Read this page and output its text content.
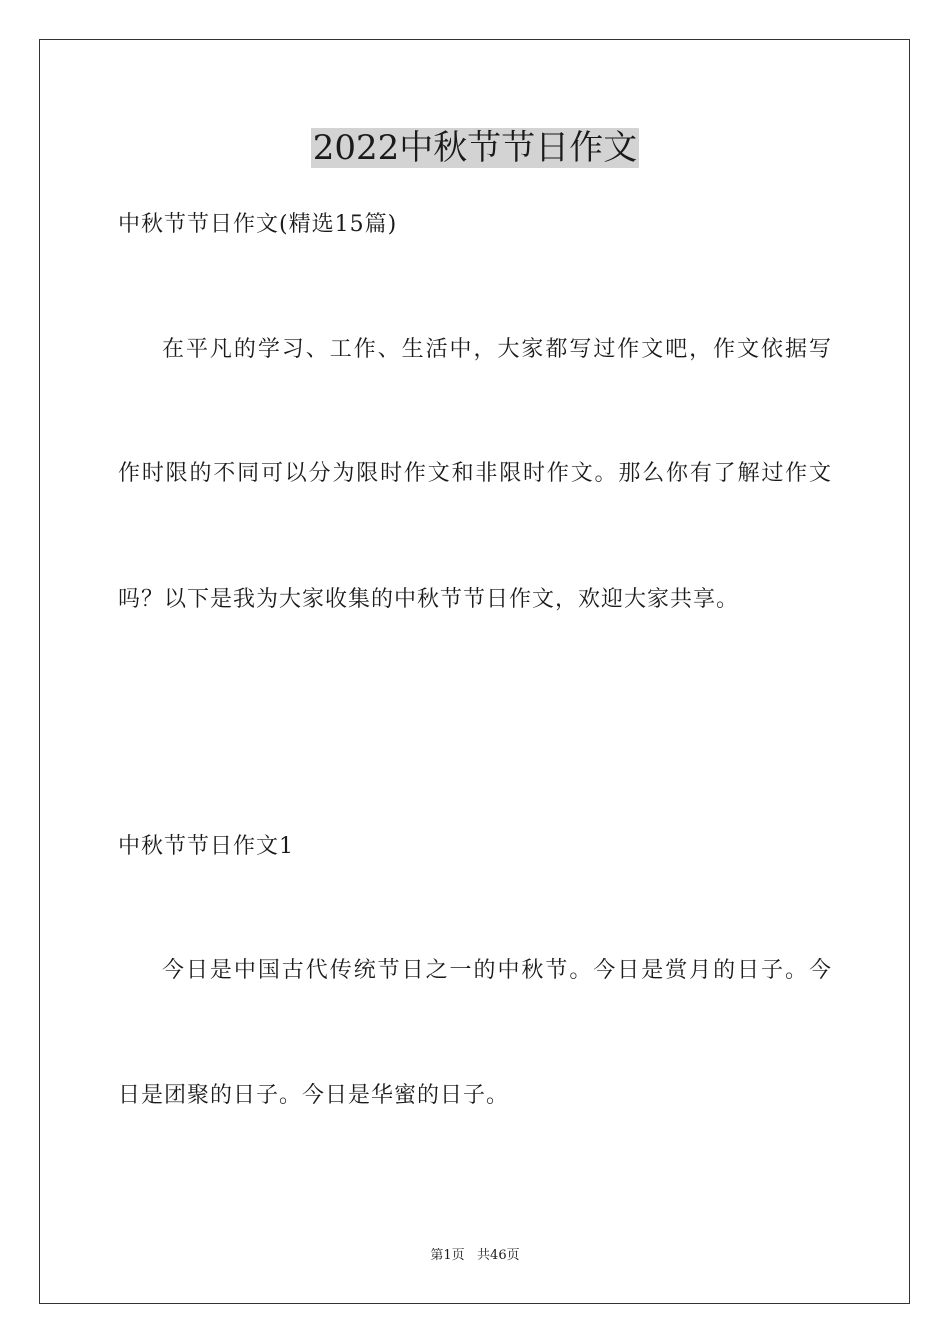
2022中秋节节日作文

中秋节节日作文(精选15篇)

在平凡的学习、工作、生活中，大家都写过作文吧，作文依据写

作时限的不同可以分为限时作文和非限时作文。那么你有了解过作文

吗？以下是我为大家收集的中秋节节日作文，欢迎大家共享。

中秋节节日作文1

今日是中国古代传统节日之一的中秋节。今日是赏月的日子。今

日是团聚的日子。今日是华蜜的日子。

第1页   共46页
